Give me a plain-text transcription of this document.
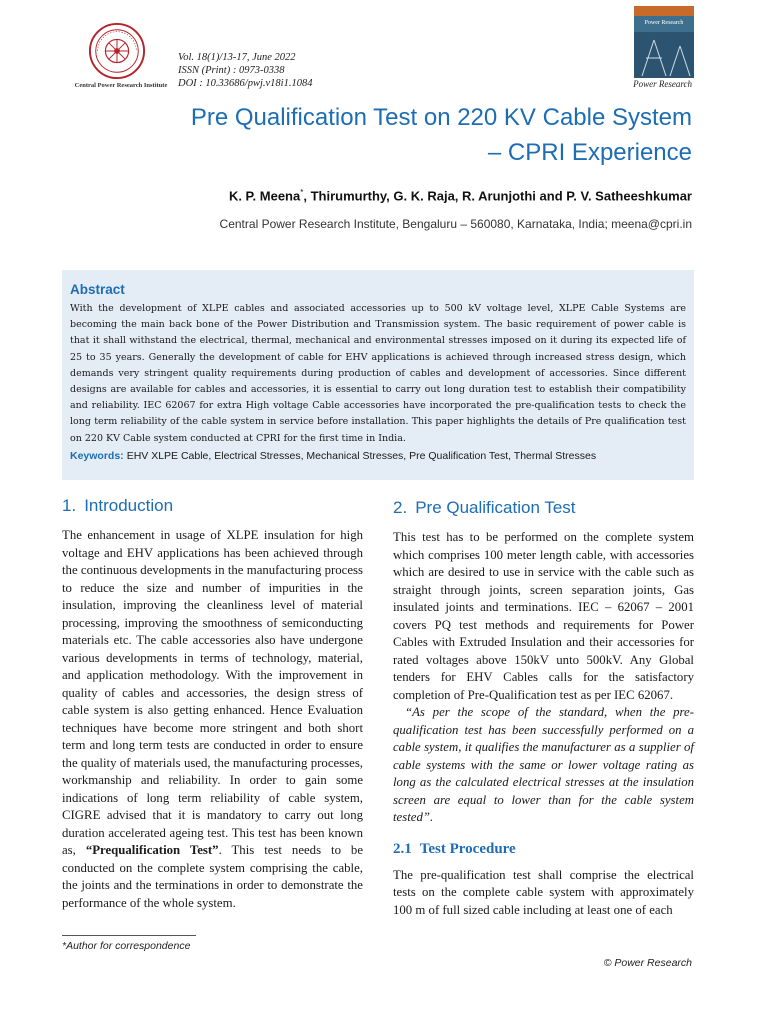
Central Power Research Institute
Vol. 18(1)/13-17, June 2022
ISSN (Print) : 0973-0338
DOI : 10.33686/pwj.v18i1.1084
Power Research
Power Research
Pre Qualification Test on 220 KV Cable System
– CPRI Experience
K. P. Meena*, Thirumurthy, G. K. Raja, R. Arunjothi and P. V. Satheeshkumar
Central Power Research Institute, Bengaluru – 560080, Karnataka, India; meena@cpri.in
Abstract
With the development of XLPE cables and associated accessories up to 500 kV voltage level, XLPE Cable Systems are becoming the main back bone of the Power Distribution and Transmission system. The basic requirement of power cable is that it shall withstand the electrical, thermal, mechanical and environmental stresses imposed on it during its expected life of 25 to 35 years. Generally the development of cable for EHV applications is achieved through increased stress design, which demands very stringent quality requirements during production of cables and development of accessories. Since different designs are available for cables and accessories, it is essential to carry out long duration test to establish their compatibility and reliability. IEC 62067 for extra High voltage Cable accessories have incorporated the pre-qualification tests to check the long term reliability of the cable system in service before installation. This paper highlights the details of Pre qualification test on 220 KV Cable system conducted at CPRI for the first time in India.
Keywords: EHV XLPE Cable, Electrical Stresses, Mechanical Stresses, Pre Qualification Test, Thermal Stresses
1. Introduction

The enhancement in usage of XLPE insulation for high voltage and EHV applications has been achieved through the continuous developments in the manufacturing process to reduce the size and number of impurities in the insulation, improving the cleanliness level of material processing, improving the smoothness of semiconducting materials etc. The cable accessories also have undergone various developments in terms of technology, material, and application methodology. With the improvement in quality of cables and accessories, the design stress of cable system is also getting enhanced. Hence Evaluation techniques have become more stringent and both short term and long term tests are conducted in order to ensure the quality of materials used, the manufacturing processes, workmanship and reliability. In order to gain some indications of long term reliability of cable system, CIGRE advised that it is mandatory to carry out long duration accelerated ageing test. This test has been known as, “Prequalification Test”. This test needs to be conducted on the complete system comprising the cable, the joints and the terminations in order to demonstrate the performance of the whole system.

2. Pre Qualification Test

This test has to be performed on the complete system which comprises 100 meter length cable, with accessories which are desired to use in service with the cable such as straight through joints, screen separation joints, Gas insulated joints and terminations. IEC – 62067 – 2001 covers PQ test methods and requirements for Power Cables with Extruded Insulation and their accessories for rated voltages above 150kV unto 500kV. Any Global tenders for EHV Cables calls for the satisfactory completion of Pre-Qualification test as per IEC 62067.

“As per the scope of the standard, when the pre-qualification test has been successfully performed on a cable system, it qualifies the manufacturer as a supplier of cable systems with the same or lower voltage rating as long as the calculated electrical stresses at the insulation screen are equal to lower than for the cable system tested”.

2.1 Test Procedure

The pre-qualification test shall comprise the electrical tests on the complete cable system with approximately 100 m of full sized cable including at least one of each

*Author for correspondence
© Power Research
